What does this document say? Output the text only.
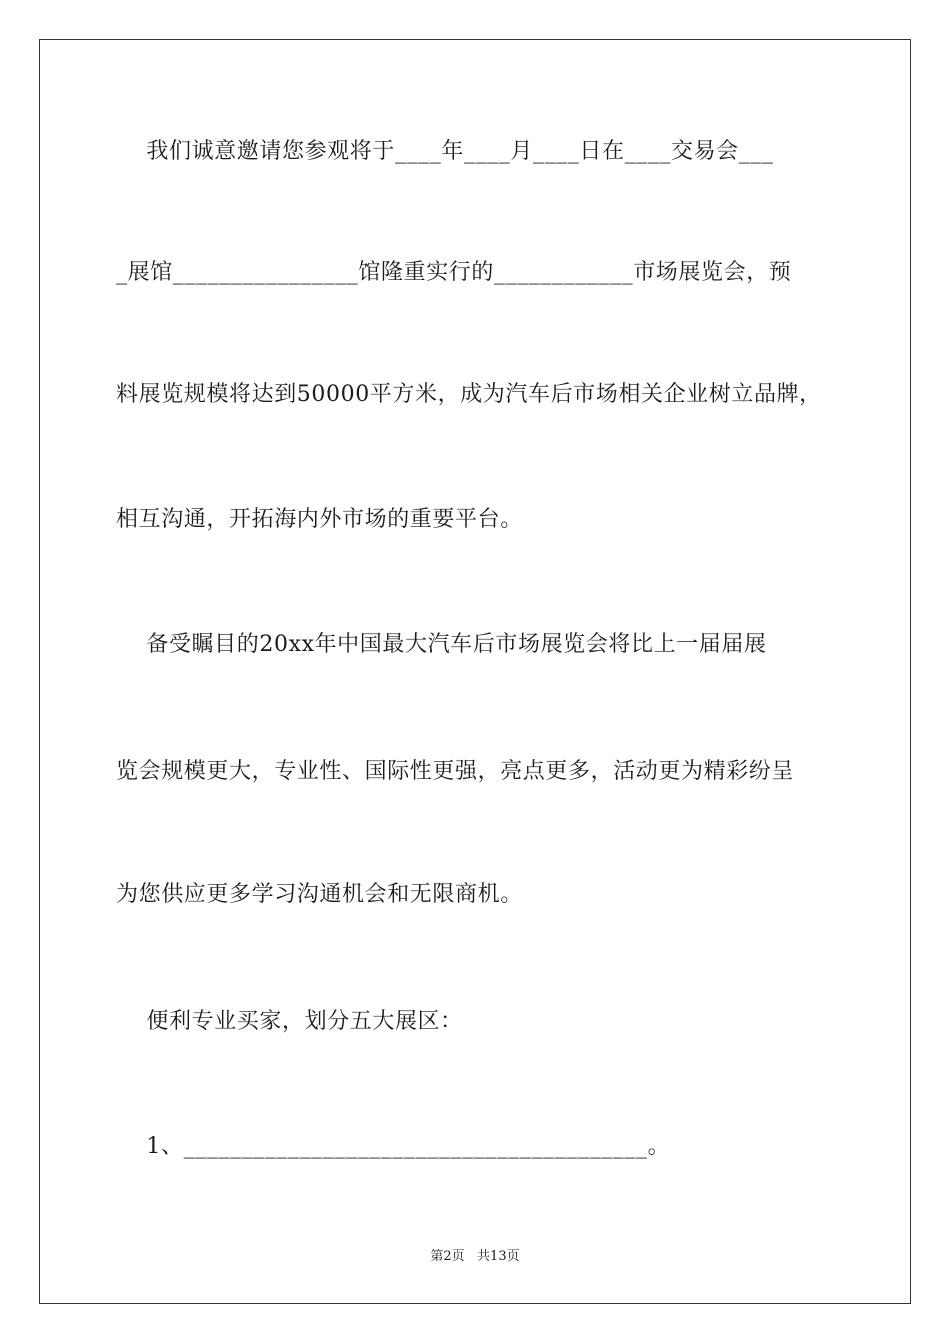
我们诚意邀请您参观将于____年____月____日在____交易会___
_展馆________________馆隆重实行的____________市场展览会，预
料展览规模将达到50000平方米，成为汽车后市场相关企业树立品牌，
相互沟通，开拓海内外市场的重要平台。
备受瞩目的20xx年中国最大汽车后市场展览会将比上一届届展
览会规模更大，专业性、国际性更强，亮点更多，活动更为精彩纷呈
为您供应更多学习沟通机会和无限商机。
便利专业买家，划分五大展区：
1、________________________________________。
第2页   共13页
